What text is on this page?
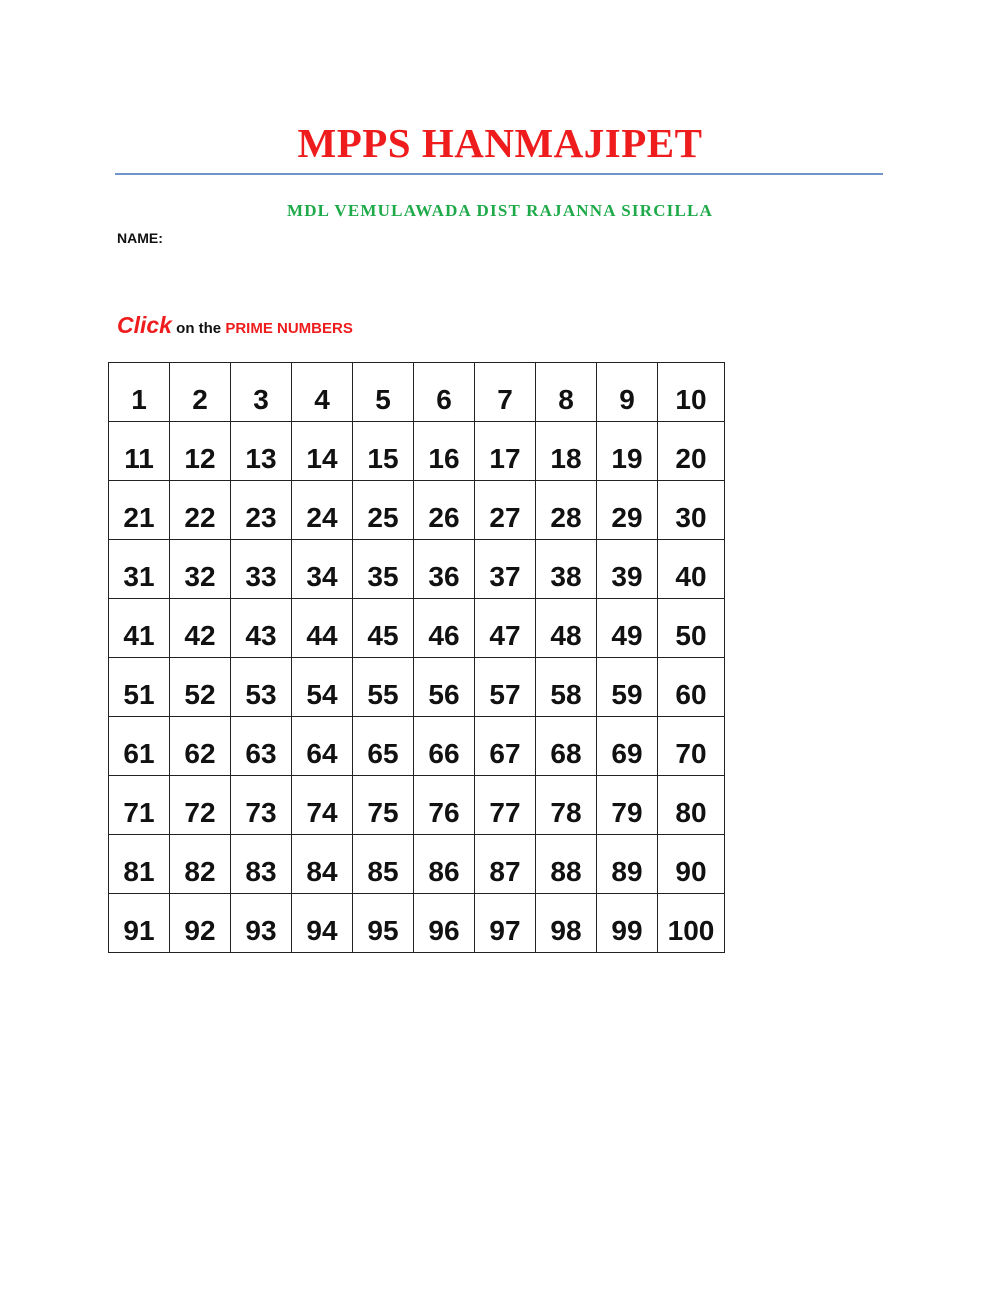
MPPS HANMAJIPET
MDL VEMULAWADA DIST RAJANNA SIRCILLA
NAME:
Click on the PRIME NUMBERS
1	2	3	4	5	6	7	8	9	10
11	12	13	14	15	16	17	18	19	20
21	22	23	24	25	26	27	28	29	30
31	32	33	34	35	36	37	38	39	40
41	42	43	44	45	46	47	48	49	50
51	52	53	54	55	56	57	58	59	60
61	62	63	64	65	66	67	68	69	70
71	72	73	74	75	76	77	78	79	80
81	82	83	84	85	86	87	88	89	90
91	92	93	94	95	96	97	98	99	100
